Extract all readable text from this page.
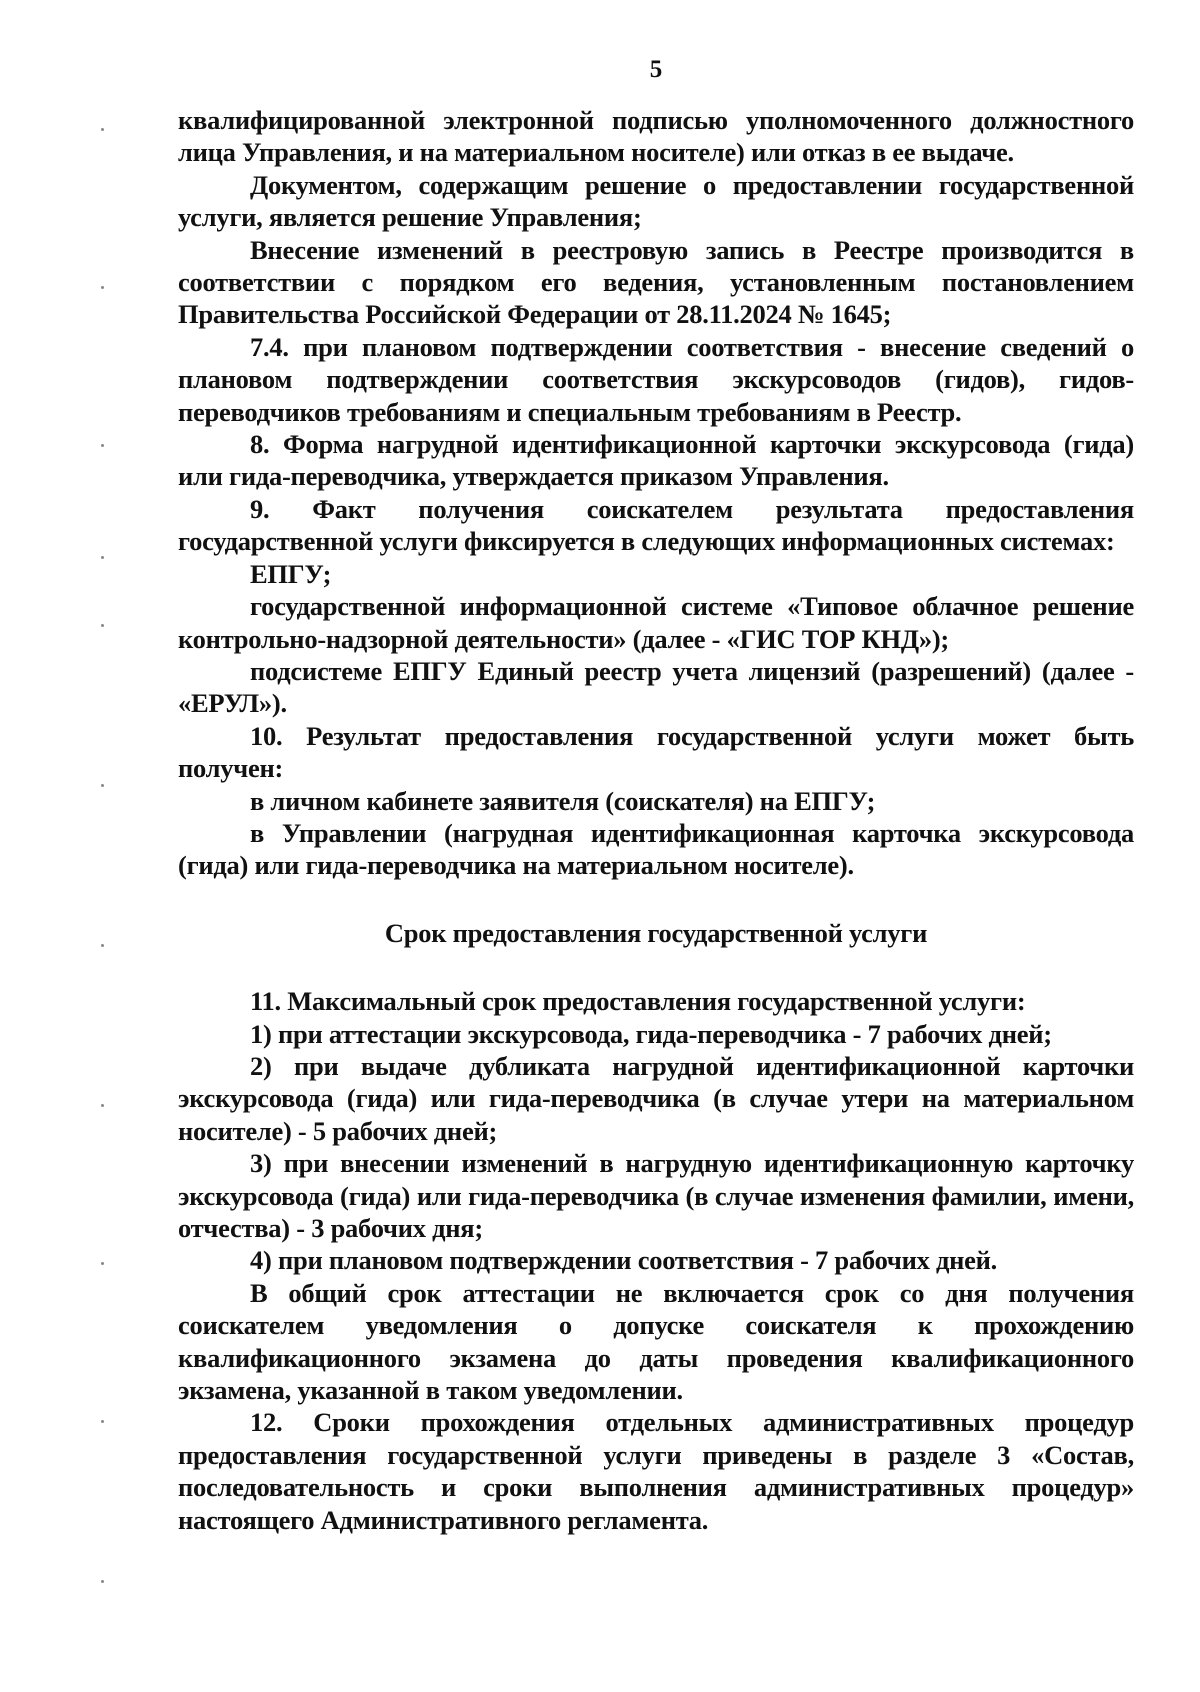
5

квалифицированной электронной подписью уполномоченного должностного лица Управления, и на материальном носителе) или отказ в ее выдаче.

Документом, содержащим решение о предоставлении государственной услуги, является решение Управления;

Внесение изменений в реестровую запись в Реестре производится в соответствии с порядком его ведения, установленным постановлением Правительства Российской Федерации от 28.11.2024 № 1645;

7.4. при плановом подтверждении соответствия - внесение сведений о плановом подтверждении соответствия экскурсоводов (гидов), гидов-переводчиков требованиям и специальным требованиям в Реестр.

8. Форма нагрудной идентификационной карточки экскурсовода (гида) или гида-переводчика, утверждается приказом Управления.

9. Факт получения соискателем результата предоставления государственной услуги фиксируется в следующих информационных системах:

ЕПГУ;

государственной информационной системе «Типовое облачное решение контрольно-надзорной деятельности» (далее - «ГИС ТОР КНД»);

подсистеме ЕПГУ Единый реестр учета лицензий (разрешений) (далее - «ЕРУЛ»).

10. Результат предоставления государственной услуги может быть получен:

в личном кабинете заявителя (соискателя) на ЕПГУ;

в Управлении (нагрудная идентификационная карточка экскурсовода (гида) или гида-переводчика на материальном носителе).

Срок предоставления государственной услуги

11. Максимальный срок предоставления государственной услуги:

1) при аттестации экскурсовода, гида-переводчика - 7 рабочих дней;

2) при выдаче дубликата нагрудной идентификационной карточки экскурсовода (гида) или гида-переводчика (в случае утери на материальном носителе) - 5 рабочих дней;

3) при внесении изменений в нагрудную идентификационную карточку экскурсовода (гида) или гида-переводчика (в случае изменения фамилии, имени, отчества) - 3 рабочих дня;

4) при плановом подтверждении соответствия - 7 рабочих дней.

В общий срок аттестации не включается срок со дня получения соискателем уведомления о допуске соискателя к прохождению квалификационного экзамена до даты проведения квалификационного экзамена, указанной в таком уведомлении.

12. Сроки прохождения отдельных административных процедур предоставления государственной услуги приведены в разделе 3 «Состав, последовательность и сроки выполнения административных процедур» настоящего Административного регламента.
